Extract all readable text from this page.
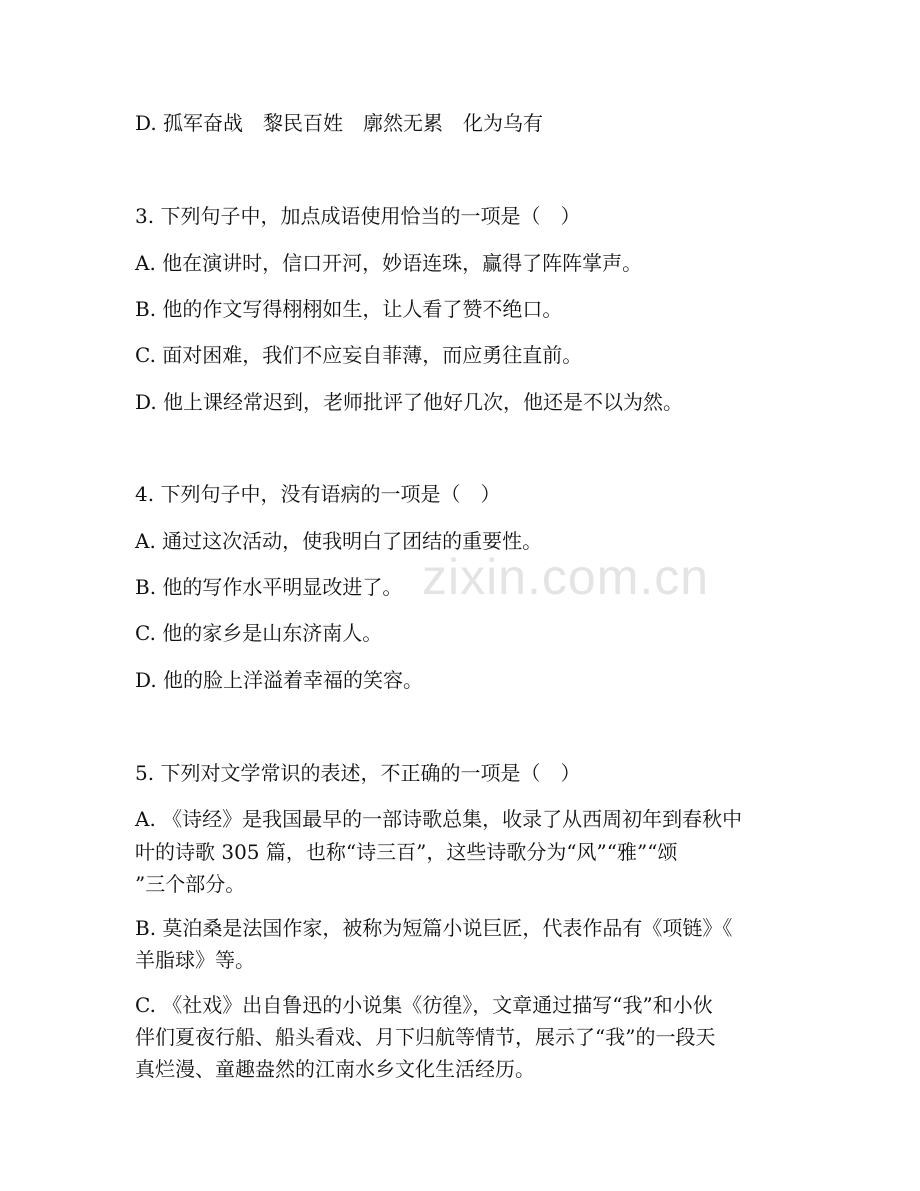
zixin.com.cn
D. 孤军奋战　黎民百姓　廓然无累　化为乌有
3. 下列句子中，加点成语使用恰当的一项是（　）
A. 他在演讲时，信口开河，妙语连珠，赢得了阵阵掌声。
B. 他的作文写得栩栩如生，让人看了赞不绝口。
C. 面对困难，我们不应妄自菲薄，而应勇往直前。
D. 他上课经常迟到，老师批评了他好几次，他还是不以为然。
4. 下列句子中，没有语病的一项是（　）
A. 通过这次活动，使我明白了团结的重要性。
B. 他的写作水平明显改进了。
C. 他的家乡是山东济南人。
D. 他的脸上洋溢着幸福的笑容。
5. 下列对文学常识的表述，不正确的一项是（　）
A. 《诗经》是我国最早的一部诗歌总集，收录了从西周初年到春秋中
叶的诗歌 305 篇，也称“诗三百”，这些诗歌分为“风”“雅”“颂
”三个部分。
B. 莫泊桑是法国作家，被称为短篇小说巨匠，代表作品有《项链》《
羊脂球》等。
C. 《社戏》出自鲁迅的小说集《彷徨》，文章通过描写“我”和小伙
伴们夏夜行船、船头看戏、月下归航等情节，展示了“我”的一段天
真烂漫、童趣盎然的江南水乡文化生活经历。
